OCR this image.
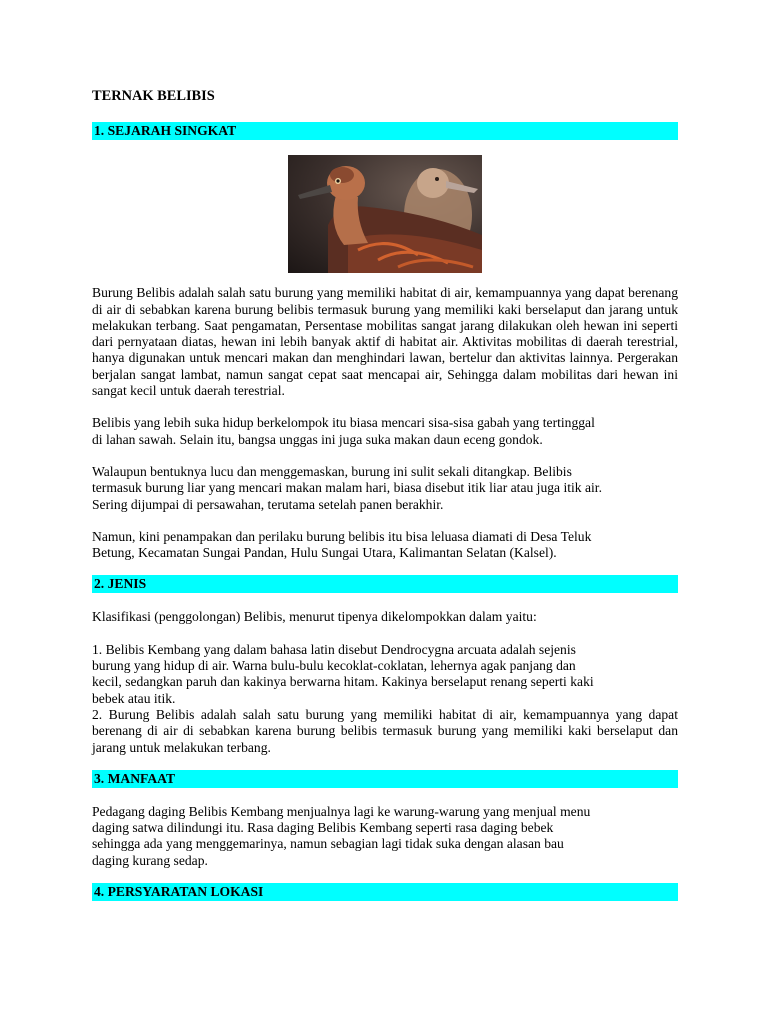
TERNAK BELIBIS
1. SEJARAH SINGKAT

Burung Belibis adalah salah satu burung yang memiliki habitat di air, kemampuannya yang dapat berenang di air di sebabkan karena burung belibis termasuk burung yang memiliki kaki berselaput dan jarang untuk melakukan terbang. Saat pengamatan, Persentase mobilitas sangat jarang dilakukan oleh hewan ini seperti dari pernyataan diatas, hewan ini lebih banyak aktif di habitat air. Aktivitas mobilitas di daerah terestrial, hanya digunakan untuk mencari makan dan menghindari lawan, bertelur dan aktivitas lainnya. Pergerakan berjalan sangat lambat, namun sangat cepat saat mencapai air, Sehingga dalam mobilitas dari hewan ini sangat kecil untuk daerah terestrial.

Belibis yang lebih suka hidup berkelompok itu biasa mencari sisa-sisa gabah yang tertinggal
di lahan sawah. Selain itu, bangsa unggas ini juga suka makan daun eceng gondok.

Walaupun bentuknya lucu dan menggemaskan, burung ini sulit sekali ditangkap. Belibis
termasuk burung liar yang mencari makan malam hari, biasa disebut itik liar atau juga itik air.
Sering dijumpai di persawahan, terutama setelah panen berakhir.

Namun, kini penampakan dan perilaku burung belibis itu bisa leluasa diamati di Desa Teluk
Betung, Kecamatan Sungai Pandan, Hulu Sungai Utara, Kalimantan Selatan (Kalsel).

2. JENIS

Klasifikasi (penggolongan) Belibis, menurut tipenya dikelompokkan dalam yaitu:

1. Belibis Kembang yang dalam bahasa latin disebut Dendrocygna arcuata adalah sejenis
burung yang hidup di air. Warna bulu-bulu kecoklat-coklatan, lehernya agak panjang dan
kecil, sedangkan paruh dan kakinya berwarna hitam. Kakinya berselaput renang seperti kaki
bebek atau itik.

2. Burung Belibis adalah salah satu burung yang memiliki habitat di air, kemampuannya yang dapat berenang di air di sebabkan karena burung belibis termasuk burung yang memiliki kaki berselaput dan jarang untuk melakukan terbang.

3. MANFAAT

Pedagang daging Belibis Kembang menjualnya lagi ke warung-warung yang menjual menu
daging satwa dilindungi itu. Rasa daging Belibis Kembang seperti rasa daging bebek
sehingga ada yang menggemarinya, namun sebagian lagi tidak suka dengan alasan bau
daging kurang sedap.

4. PERSYARATAN LOKASI
